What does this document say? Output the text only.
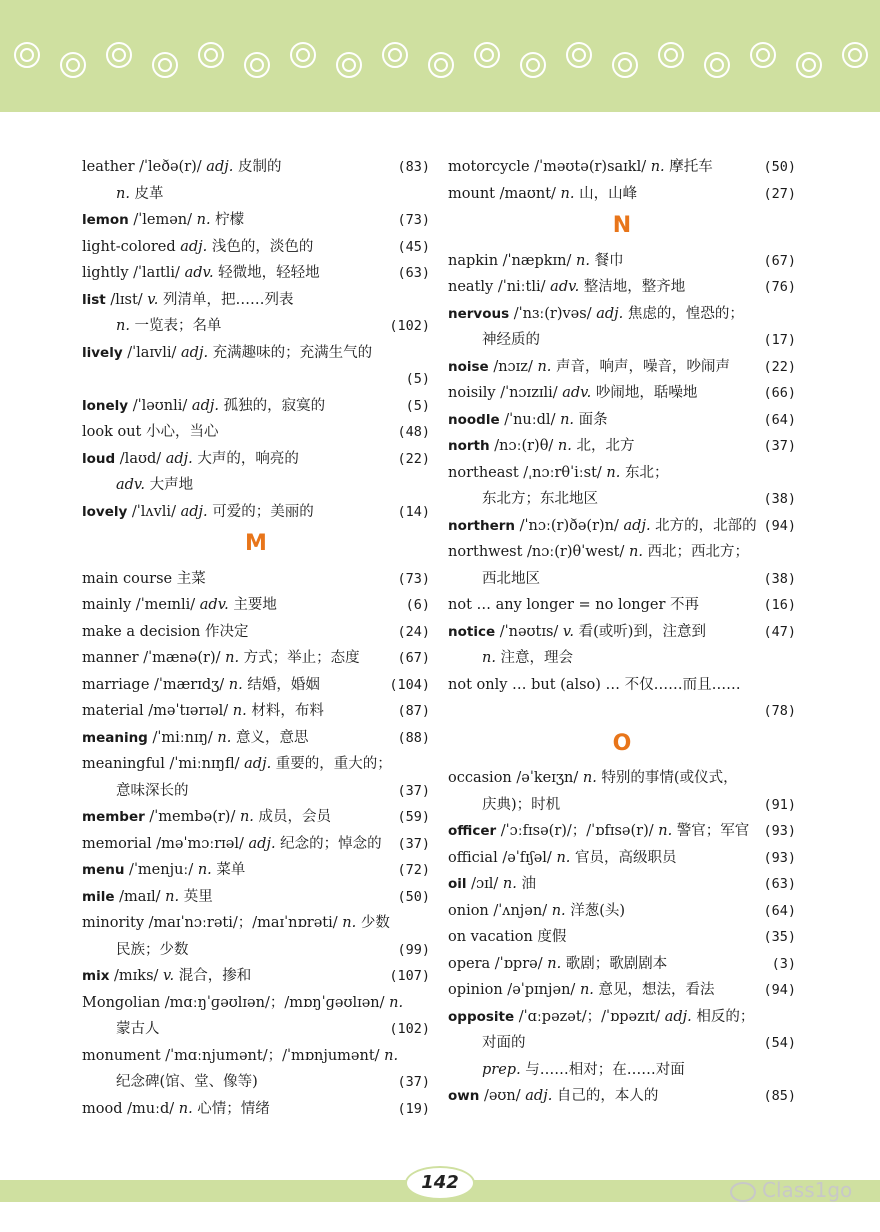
leather /ˈleðə(r)/ adj. 皮制的	(83)
n. 皮革
lemon /ˈlemən/ n. 柠檬	(73)
light-colored adj. 浅色的，淡色的	(45)
lightly /ˈlaɪtli/ adv. 轻微地，轻轻地	(63)
list /lɪst/ v. 列清单，把……列表
n. 一览表；名单	(102)
lively /ˈlaɪvli/ adj. 充满趣味的；充满生气的
(5)
lonely /ˈləʊnli/ adj. 孤独的，寂寞的	(5)
look out 小心，当心	(48)
loud /laʊd/ adj. 大声的，响亮的	(22)
adv. 大声地
lovely /ˈlʌvli/ adj. 可爱的；美丽的	(14)
M
main course 主菜	(73)
mainly /ˈmeɪnli/ adv. 主要地	(6)
make a decision 作决定	(24)
manner /ˈmænə(r)/ n. 方式；举止；态度	(67)
marriage /ˈmærɪdʒ/ n. 结婚，婚姻	(104)
material /məˈtɪərɪəl/ n. 材料，布料	(87)
meaning /ˈmiːnɪŋ/ n. 意义，意思	(88)
meaningful /ˈmiːnɪŋfl/ adj. 重要的，重大的；
意味深长的	(37)
member /ˈmembə(r)/ n. 成员，会员	(59)
memorial /məˈmɔːrɪəl/ adj. 纪念的；悼念的	(37)
menu /ˈmenjuː/ n. 菜单	(72)
mile /maɪl/ n. 英里	(50)
minority /maɪˈnɔːrəti/；/maɪˈnɒrəti/ n. 少数
民族；少数	(99)
mix /mɪks/ v. 混合，掺和	(107)
Mongolian /mɑːŋˈɡəʊlɪən/；/mɒŋˈɡəʊlɪən/ n.
蒙古人	(102)
monument /ˈmɑːnjumənt/；/ˈmɒnjumənt/ n.
纪念碑(馆、堂、像等)	(37)
mood /muːd/ n. 心情；情绪	(19)
motorcycle /ˈməʊtə(r)saɪkl/ n. 摩托车	(50)
mount /maʊnt/ n. 山，山峰	(27)
N
napkin /ˈnæpkɪn/ n. 餐巾	(67)
neatly /ˈniːtli/ adv. 整洁地，整齐地	(76)
nervous /ˈnɜː(r)vəs/ adj. 焦虑的，惶恐的；
神经质的	(17)
noise /nɔɪz/ n. 声音，响声，噪音，吵闹声	(22)
noisily /ˈnɔɪzɪli/ adv. 吵闹地，聒噪地	(66)
noodle /ˈnuːdl/ n. 面条	(64)
north /nɔː(r)θ/ n. 北，北方	(37)
northeast /ˌnɔːrθˈiːst/ n. 东北；
东北方；东北地区	(38)
northern /ˈnɔː(r)ðə(r)n/ adj. 北方的，北部的 (94)
northwest /nɔː(r)θˈwest/ n. 西北；西北方；
西北地区	(38)
not … any longer = no longer 不再	(16)
notice /ˈnəʊtɪs/ v. 看(或听)到，注意到	(47)
n. 注意，理会
not only … but (also) … 不仅……而且……
(78)
O
occasion /əˈkeɪʒn/ n. 特别的事情(或仪式，
庆典)；时机	(91)
officer /ˈɔːfɪsə(r)/；/ˈɒfɪsə(r)/ n. 警官；军官	(93)
official /əˈfɪʃəl/ n. 官员，高级职员	(93)
oil /ɔɪl/ n. 油	(63)
onion /ˈʌnjən/ n. 洋葱(头)	(64)
on vacation 度假	(35)
opera /ˈɒprə/ n. 歌剧；歌剧剧本	(3)
opinion /əˈpɪnjən/ n. 意见，想法，看法	(94)
opposite /ˈɑːpəzət/；/ˈɒpəzɪt/ adj. 相反的；
对面的	(54)
prep. 与……相对；在……对面
own /əʊn/ adj. 自己的，本人的	(85)
142	Class1go
